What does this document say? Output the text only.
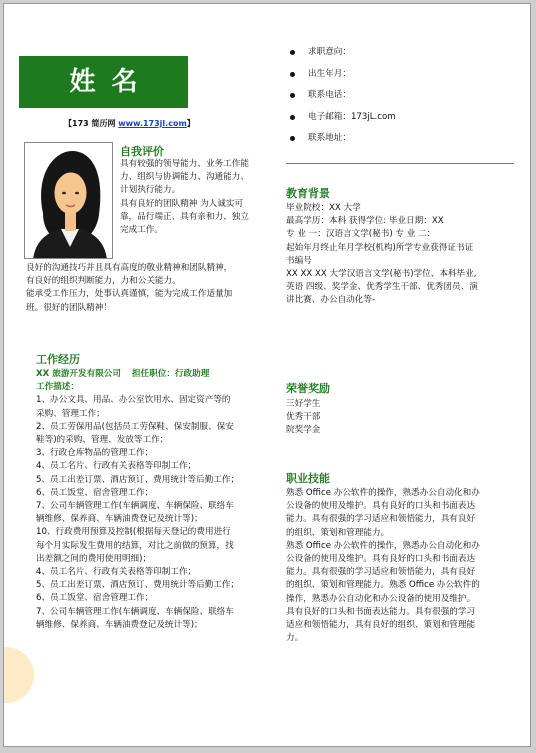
姓名
【173 简历网 www.173jl.com】
自我评价

具有较强的领导能力、业务工作能

力、组织与协调能力、沟通能力、

计划执行能力。

具有良好的团队精神 为人诚实可

靠，品行端正、具有亲和力、独立

完成工作。

良好的沟通技巧并且具有高度的敬业精神和团队精神，

有良好的组织判断能力，力和公关能力。

能承受工作压力，处事认真谨慎，能为完成工作适量加

班。很好的团队精神！

工作经历

XX 旅游开发有限公司 担任职位：行政助理

工作描述：

1、办公文具、用品、办公室饮用水、固定资产等的

采购、管理工作；

2、员工劳保用品(包括员工劳保鞋、保安制服、保安

鞋等)的采购、管理、发放等工作；

3、行政仓库物品的管理工作；

4、员工名片、行政有关表格等印制工作；

5、员工出差订票、酒店预订、费用统计等后勤工作；

6、员工饭堂、宿舍管理工作；

7、公司车辆管理工作(车辆调度、车辆保险、联络车

辆维修、保养商、车辆油费登记及统计等)；

10、行政费用预算及控制(根据每天登记的费用进行

每个月实际发生费用的结算，对比之前做的预算，找

出差额之间的费用使用明细)；

4、员工名片、行政有关表格等印制工作；

5、员工出差订票、酒店预订、费用统计等后勤工作；

6、员工饭堂、宿舍管理工作；

7、公司车辆管理工作(车辆调度、车辆保险、联络车

辆维修、保养商、车辆油费登记及统计等)；

求职意向：
出生年月：
联系电话：
电子邮箱：173jL.com
联系地址：
教育背景

毕业院校：XX 大学

最高学历：本科 获得学位: 毕业日期：XX

专 业 一：汉语言文学(秘书) 专 业 二：

起始年月终止年月学校(机构)所学专业获得证书证

书编号

XX XX XX 大学汉语言文学(秘书)学位、本科毕业,

英语 四级、奖学金、优秀学生干部、优秀团员、演

讲比赛、办公自动化等-

荣誉奖励

三好学生

优秀干部

院奖学金

职业技能

熟悉 Office 办公软件的操作，熟悉办公自动化和办

公设备的使用及维护。具有良好的口头和书面表达

能力。具有很强的学习适应和领悟能力，具有良好

的组织、策划和管理能力。

熟悉 Office 办公软件的操作，熟悉办公自动化和办

公设备的使用及维护。具有良好的口头和书面表达

能力。具有很强的学习适应和领悟能力，具有良好

的组织、策划和管理能力。熟悉 Office 办公软件的

操作，熟悉办公自动化和办公设备的使用及维护。

具有良好的口头和书面表达能力。具有很强的学习

适应和领悟能力，具有良好的组织、策划和管理能

力。
